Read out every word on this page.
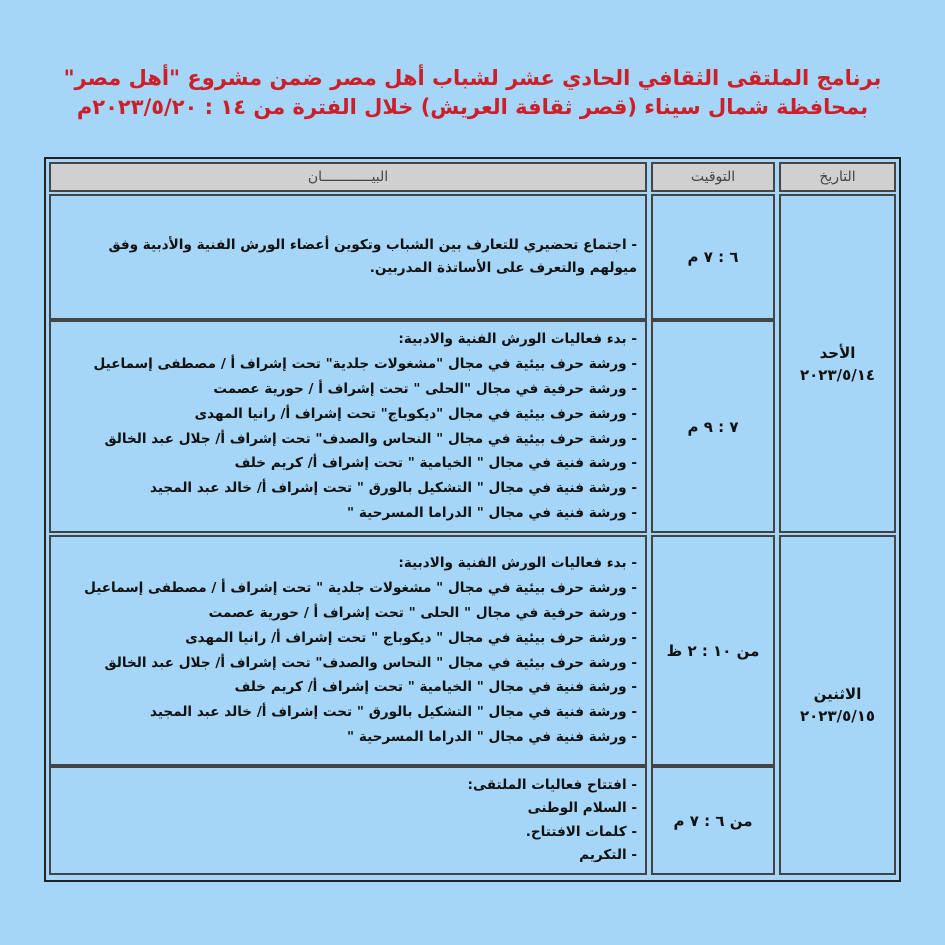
برنامج الملتقى الثقافي الحادي عشر لشباب أهل مصر ضمن مشروع "أهل مصر"
بمحافظة شمال سيناء (قصر ثقافة العريش) خلال الفترة من ١٤ : ٢٠٢٣/٥/٢٠م
التاريخ
التوقيت
البيــــــــــــان
الأحد
٢٠٢٣/٥/١٤
٦ : ٧ م
- اجتماع تحضيري للتعارف بين الشباب وتكوين أعضاء الورش الفنية والأدبية وفق
ميولهم والتعرف على الأساتذة المدربين.
٧ : ٩ م
- بدء فعاليات الورش الفنية والادبية:
- ورشة حرف بيئية في مجال "مشغولات جلدية" تحت إشراف أ / مصطفى إسماعيل
- ورشة حرفية في مجال "الحلى " تحت إشراف أ / حورية عصمت
- ورشة حرف بيئية في مجال "ديكوباج" تحت إشراف أ/ رانيا المهدى
- ورشة حرف بيئية في مجال " النحاس والصدف" تحت إشراف أ/ جلال عبد الخالق
- ورشة فنية في مجال " الخيامية " تحت إشراف أ/ كريم خلف
- ورشة فنية في مجال " التشكيل بالورق " تحت إشراف أ/ خالد عبد المجيد
- ورشة فنية في مجال " الدراما المسرحية "
الاثنين
٢٠٢٣/٥/١٥
من ١٠ : ٢ ظ
- بدء فعاليات الورش الفنية والادبية:
- ورشة حرف بيئية في مجال " مشغولات جلدية " تحت إشراف أ / مصطفى إسماعيل
- ورشة حرفية في مجال " الحلى " تحت إشراف أ / حورية عصمت
- ورشة حرف بيئية في مجال " ديكوباج " تحت إشراف أ/ رانيا المهدى
- ورشة حرف بيئية في مجال " النحاس والصدف" تحت إشراف أ/ جلال عبد الخالق
- ورشة فنية في مجال " الخيامية " تحت إشراف أ/ كريم خلف
- ورشة فنية في مجال " التشكيل بالورق " تحت إشراف أ/ خالد عبد المجيد
- ورشة فنية في مجال " الدراما المسرحية "
من ٦ : ٧ م
- افتتاح فعاليات الملتقى:
- السلام الوطنى
- كلمات الافتتاح.
- التكريم
